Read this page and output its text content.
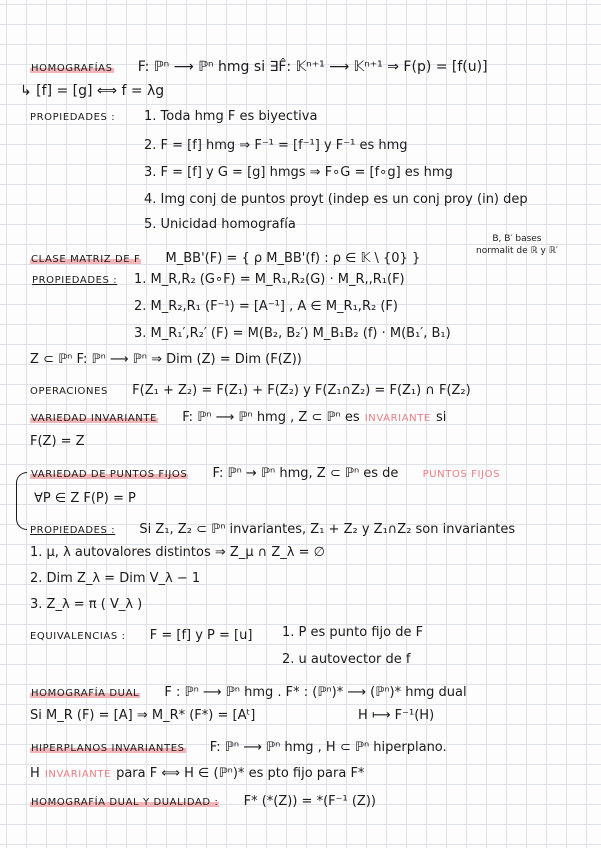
HOMOGRAFÍAS F: ℙⁿ ⟶ ℙⁿ hmg si ∃F̂: 𝕂ⁿ⁺¹ ⟶ 𝕂ⁿ⁺¹ ⇒ F(p) = [f(u)]
↳ [f] = [g] ⟺ f = λg
PROPIEDADES : 1. Toda hmg F es biyectiva
2. F = [f] hmg ⇒ F⁻¹ = [f⁻¹] y F⁻¹ es hmg
3. F = [f] y G = [g] hmgs ⇒ F∘G = [f∘g] es hmg
4. Img conj de puntos proyt (indep es un conj proy (in) dep
5. Unicidad homografía
CLASE MATRIZ DE F M_BB'(F) = { ρ M_BB'(f) : ρ ∈ 𝕂 \ {0} }
B, B′ bases
normalit de ℝ y ℝ′
PROPIEDADES : 1. M_R,R₂ (G∘F) = M_R₁,R₂(G) · M_R,,R₁(F)
2. M_R₂,R₁ (F⁻¹) = [A⁻¹] , A ∈ M_R₁,R₂ (F)
3. M_R₁′,R₂′ (F) = M(B₂, B₂′) M_B₁B₂ (f) · M(B₁′, B₁)
Z ⊂ ℙⁿ F: ℙⁿ ⟶ ℙⁿ ⇒ Dim (Z) = Dim (F(Z))
OPERACIONES F(Z₁ + Z₂) = F(Z₁) + F(Z₂) y F(Z₁∩Z₂) = F(Z₁) ∩ F(Z₂)
VARIEDAD INVARIANTE F: ℙⁿ ⟶ ℙⁿ hmg , Z ⊂ ℙⁿ es INVARIANTE si
F(Z) = Z
VARIEDAD DE PUNTOS FIJOS F: ℙⁿ → ℙⁿ hmg, Z ⊂ ℙⁿ es de PUNTOS FIJOS
∀P ∈ Z F(P) = P
PROPIEDADES : Si Z₁, Z₂ ⊂ ℙⁿ invariantes, Z₁ + Z₂ y Z₁∩Z₂ son invariantes
1. μ, λ autovalores distintos ⇒ Z_μ ∩ Z_λ = ∅
2. Dim Z_λ = Dim V_λ − 1
3. Z_λ = π ( V_λ )
EQUIVALENCIAS : F = [f] y P = [u] 1. P es punto fijo de F
2. u autovector de f
HOMOGRAFÍA DUAL F : ℙⁿ ⟶ ℙⁿ hmg . F* : (ℙⁿ)* ⟶ (ℙⁿ)* hmg dual
Si M_R (F) = [A] ⇒ M_R* (F*) = [Aᵗ]	H ⟼ F⁻¹(H)
HIPERPLANOS INVARIANTES F: ℙⁿ ⟶ ℙⁿ hmg , H ⊂ ℙⁿ hiperplano.
H INVARIANTE para F ⟺ H ∈ (ℙⁿ)* es pto fijo para F*
HOMOGRAFÍA DUAL Y DUALIDAD : F* (*(Z)) = *(F⁻¹ (Z))
